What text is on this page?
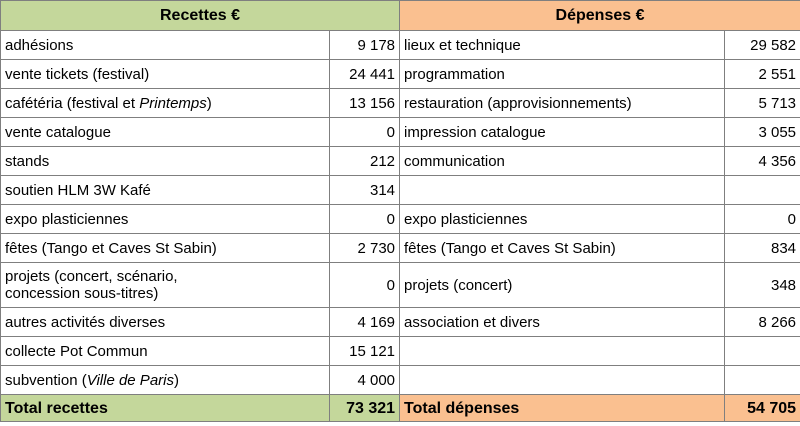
Recettes €		Dépenses €	
adhésions	9 178	lieux et technique	29 582
vente tickets (festival)	24 441	programmation	2 551
cafétéria (festival et Printemps)	13 156	restauration (approvisionnements)	5 713
vente catalogue	0	impression catalogue	3 055
stands	212	communication	4 356
soutien HLM 3W Kafé	314		
expo plasticiennes	0	expo plasticiennes	0
fêtes (Tango et Caves St Sabin)	2 730	fêtes (Tango et Caves St Sabin)	834
projets (concert, scénario,
concession sous-titres)	0	projets (concert)	348
autres activités diverses	4 169	association et divers	8 266
collecte Pot Commun	15 121		
subvention (Ville de Paris)	4 000		
Total recettes	73 321	Total dépenses	54 705
